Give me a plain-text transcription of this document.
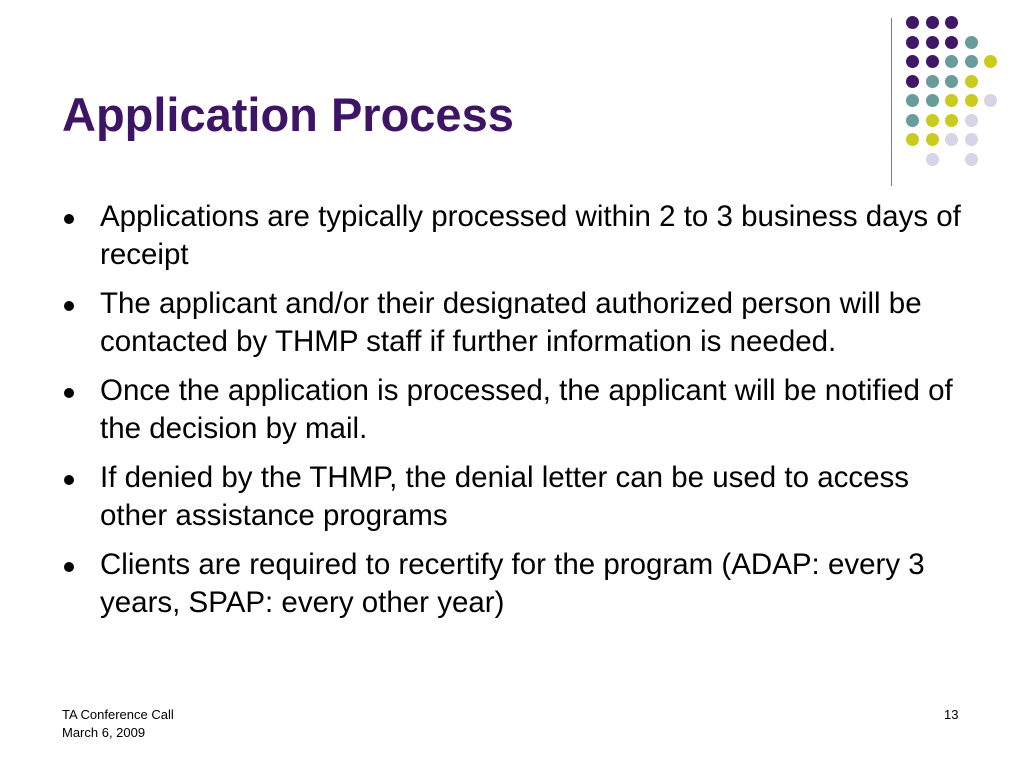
Application Process
Applications are typically processed within 2 to 3 business days of receipt
The applicant and/or their designated authorized person will be contacted by THMP staff if further information is needed.
Once the application is processed, the applicant will be notified of the decision by mail.
If denied by the THMP, the denial letter can be used to access other assistance programs
Clients are required to recertify for the program (ADAP: every 3 years, SPAP: every other year)
TA Conference Call
March 6, 2009
13
